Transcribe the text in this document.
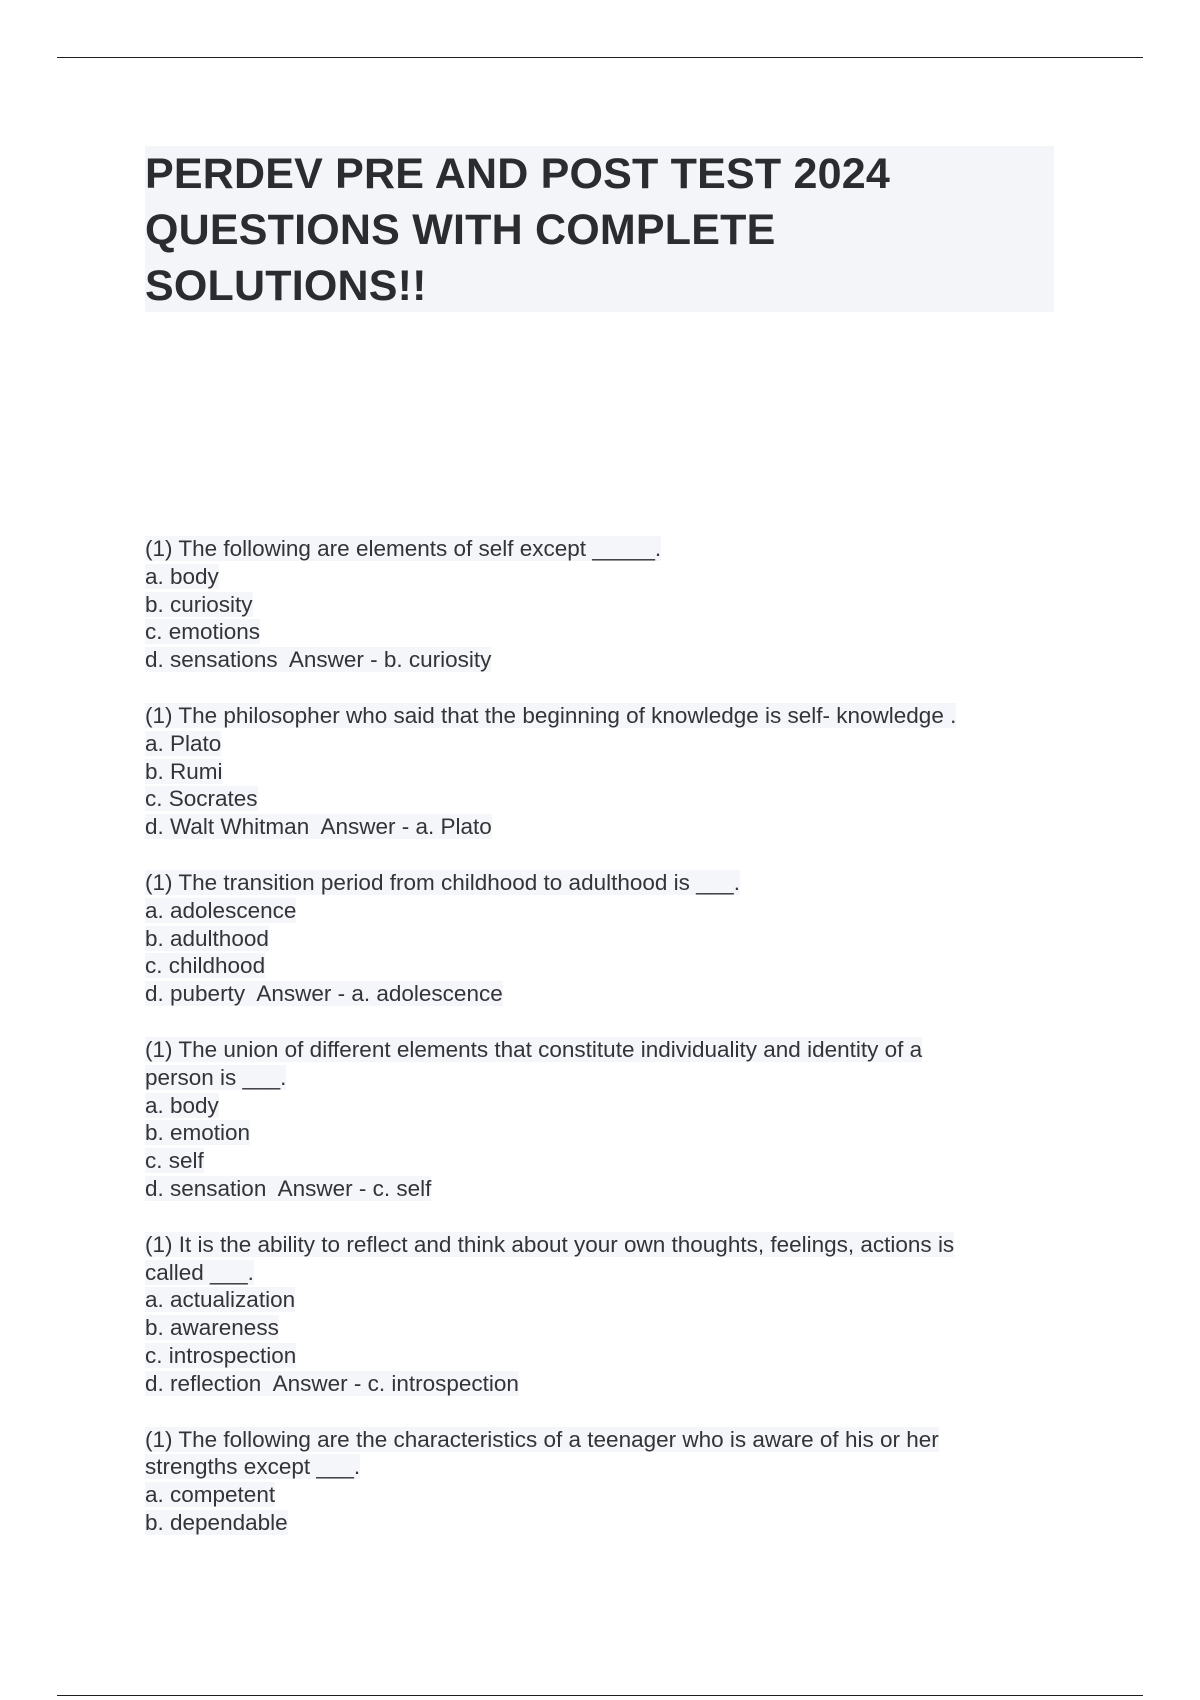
PERDEV PRE AND POST TEST 2024 QUESTIONS WITH COMPLETE SOLUTIONS!!
(1) The following are elements of self except _____.
a. body
b. curiosity
c. emotions
d. sensations Answer - b. curiosity
(1) The philosopher who said that the beginning of knowledge is self- knowledge .
a. Plato
b. Rumi
c. Socrates
d. Walt Whitman Answer - a. Plato
(1) The transition period from childhood to adulthood is ___.
a. adolescence
b. adulthood
c. childhood
d. puberty Answer - a. adolescence
(1) The union of different elements that constitute individuality and identity of a
person is ___.
a. body
b. emotion
c. self
d. sensation Answer - c. self
(1) It is the ability to reflect and think about your own thoughts, feelings, actions is
called ___.
a. actualization
b. awareness
c. introspection
d. reflection Answer - c. introspection
(1) The following are the characteristics of a teenager who is aware of his or her
strengths except ___.
a. competent
b. dependable
